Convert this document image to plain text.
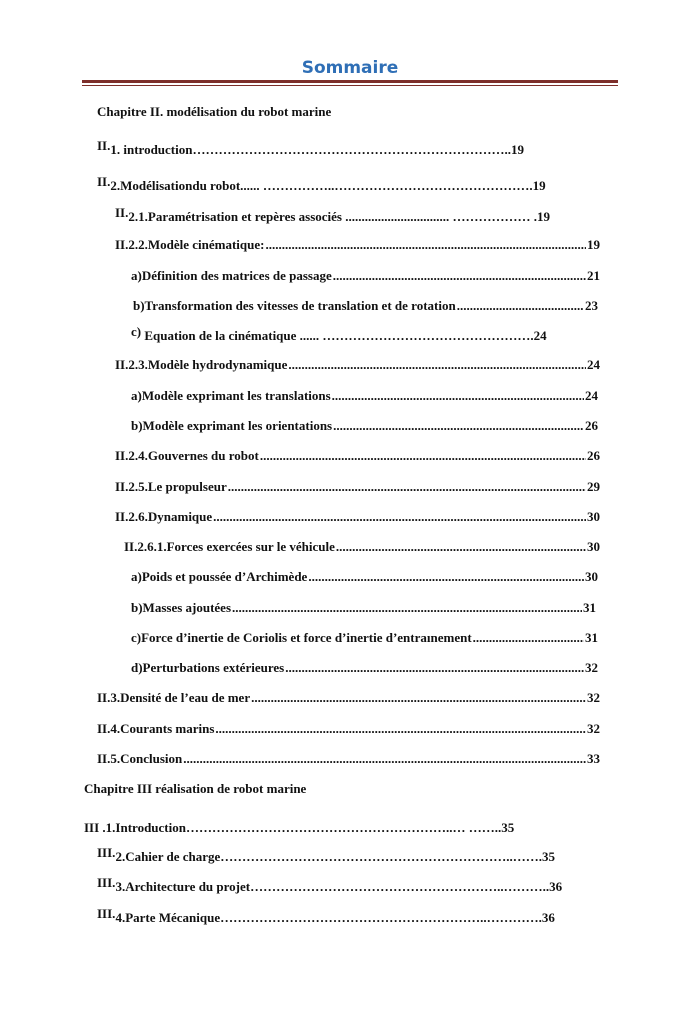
Sommaire
Chapitre II. modélisation du robot marine
II.1. introduction………………………………………………………………..19
II.2.Modélisationdu robot...... ……………..……………………………………….19
II.2.1.Paramétrisation et repères associés ................................ ……………… .19
II.2.2.Modèle cinématique: .....	19
a)Définition des matrices de passage .....	21
b)Transformation des vitesses de translation et de rotation .....	23
c) Equation de la cinématique ...... ………………………………………….24
II.2.3.Modèle hydrodynamique .....	24
a)Modèle exprimant les translations .....	24
b)Modèle exprimant les orientations .....	26
II.2.4.Gouvernes du robot .....	26
II.2.5.Le propulseur .....	29
II.2.6.Dynamique .....	30
II.2.6.1.Forces exercées sur le véhicule .....	30
a)Poids et poussée d’Archimède .....	30
b)Masses ajoutées .....	31
c)Force d’inertie de Coriolis et force d’inertie d’entraınement .....	31
d)Perturbations extérieures .....	32
II.3.Densité de l’eau de mer .....	32
II.4.Courants marins .....	32
II.5.Conclusion .....	33
Chapitre III réalisation de robot marine
III .1.Introduction……………………………………………………..… ……..35
III.2.Cahier de charge…………………………………………………………..…….35
III.3.Architecture du projet…………………………………………………..………..36
III.4.Parte Mécanique……………………………………………………..………….36
